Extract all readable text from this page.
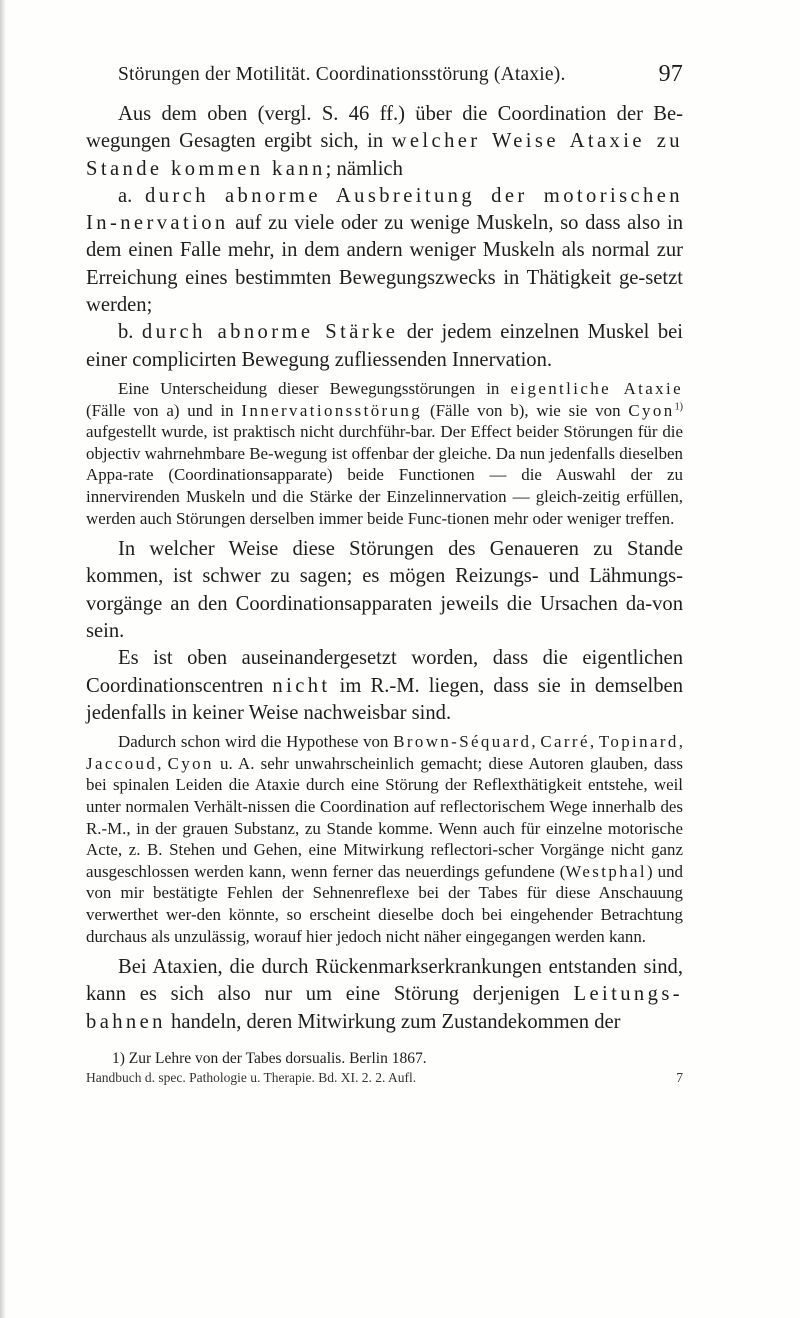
Störungen der Motilität. Coordinationsstörung (Ataxie).	97

Aus dem oben (vergl. S. 46 ff.) über die Coordination der Be-wegungen Gesagten ergibt sich, in welcher Weise Ataxie zu Stande kommen kann; nämlich

a. durch abnorme Ausbreitung der motorischen In-nervation auf zu viele oder zu wenige Muskeln, so dass also in dem einen Falle mehr, in dem andern weniger Muskeln als normal zur Erreichung eines bestimmten Bewegungszwecks in Thätigkeit ge-setzt werden;

b. durch abnorme Stärke der jedem einzelnen Muskel bei einer complicirten Bewegung zufliessenden Innervation.

Eine Unterscheidung dieser Bewegungsstörungen in eigentliche Ataxie (Fälle von a) und in Innervationsstörung (Fälle von b), wie sie von Cyon$^{1)}$ aufgestellt wurde, ist praktisch nicht durchführ-bar. Der Effect beider Störungen für die objectiv wahrnehmbare Be-wegung ist offenbar der gleiche. Da nun jedenfalls dieselben Appa-rate (Coordinationsapparate) beide Functionen — die Auswahl der zu innervirenden Muskeln und die Stärke der Einzelinnervation — gleich-zeitig erfüllen, werden auch Störungen derselben immer beide Func-tionen mehr oder weniger treffen.

In welcher Weise diese Störungen des Genaueren zu Stande kommen, ist schwer zu sagen; es mögen Reizungs- und Lähmungs-vorgänge an den Coordinationsapparaten jeweils die Ursachen da-von sein.

Es ist oben auseinandergesetzt worden, dass die eigentlichen Coordinationscentren nicht im R.-M. liegen, dass sie in demselben jedenfalls in keiner Weise nachweisbar sind.

Dadurch schon wird die Hypothese von Brown-Séquard, Carré, Topinard, Jaccoud, Cyon u. A. sehr unwahrscheinlich gemacht; diese Autoren glauben, dass bei spinalen Leiden die Ataxie durch eine Störung der Reflexthätigkeit entstehe, weil unter normalen Verhält-nissen die Coordination auf reflectorischem Wege innerhalb des R.-M., in der grauen Substanz, zu Stande komme. Wenn auch für einzelne motorische Acte, z. B. Stehen und Gehen, eine Mitwirkung reflectori-scher Vorgänge nicht ganz ausgeschlossen werden kann, wenn ferner das neuerdings gefundene (Westphal) und von mir bestätigte Fehlen der Sehnenreflexe bei der Tabes für diese Anschauung verwerthet wer-den könnte, so erscheint dieselbe doch bei eingehender Betrachtung durchaus als unzulässig, worauf hier jedoch nicht näher eingegangen werden kann.

Bei Ataxien, die durch Rückenmarkserkrankungen entstanden sind, kann es sich also nur um eine Störung derjenigen Leitungs-bahnen handeln, deren Mitwirkung zum Zustandekommen der

1) Zur Lehre von der Tabes dorsualis. Berlin 1867.

Handbuch d. spec. Pathologie u. Therapie. Bd. XI. 2. 2. Aufl.	7
